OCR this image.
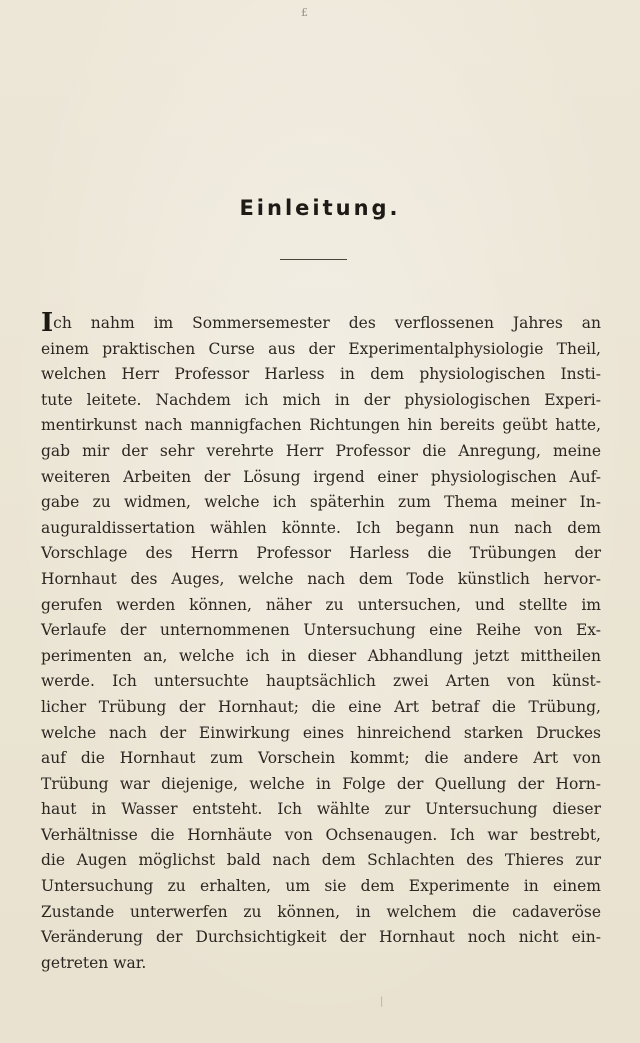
£
Einleitung.
Ich nahm im Sommersemester des verflossenen Jahres an
einem praktischen Curse aus der Experimentalphysiologie Theil,
welchen Herr Professor Harless in dem physiologischen Insti-
tute leitete. Nachdem ich mich in der physiologischen Experi-
mentirkunst nach mannigfachen Richtungen hin bereits geübt hatte,
gab mir der sehr verehrte Herr Professor die Anregung, meine
weiteren Arbeiten der Lösung irgend einer physiologischen Auf-
gabe zu widmen, welche ich späterhin zum Thema meiner In-
auguraldissertation wählen könnte. Ich begann nun nach dem
Vorschlage des Herrn Professor Harless die Trübungen der
Hornhaut des Auges, welche nach dem Tode künstlich hervor-
gerufen werden können, näher zu untersuchen, und stellte im
Verlaufe der unternommenen Untersuchung eine Reihe von Ex-
perimenten an, welche ich in dieser Abhandlung jetzt mittheilen
werde. Ich untersuchte hauptsächlich zwei Arten von künst-
licher Trübung der Hornhaut; die eine Art betraf die Trübung,
welche nach der Einwirkung eines hinreichend starken Druckes
auf die Hornhaut zum Vorschein kommt; die andere Art von
Trübung war diejenige, welche in Folge der Quellung der Horn-
haut in Wasser entsteht. Ich wählte zur Untersuchung dieser
Verhältnisse die Hornhäute von Ochsenaugen. Ich war bestrebt,
die Augen möglichst bald nach dem Schlachten des Thieres zur
Untersuchung zu erhalten, um sie dem Experimente in einem
Zustande unterwerfen zu können, in welchem die cadaveröse
Veränderung der Durchsichtigkeit der Hornhaut noch nicht ein-
getreten war.
|
